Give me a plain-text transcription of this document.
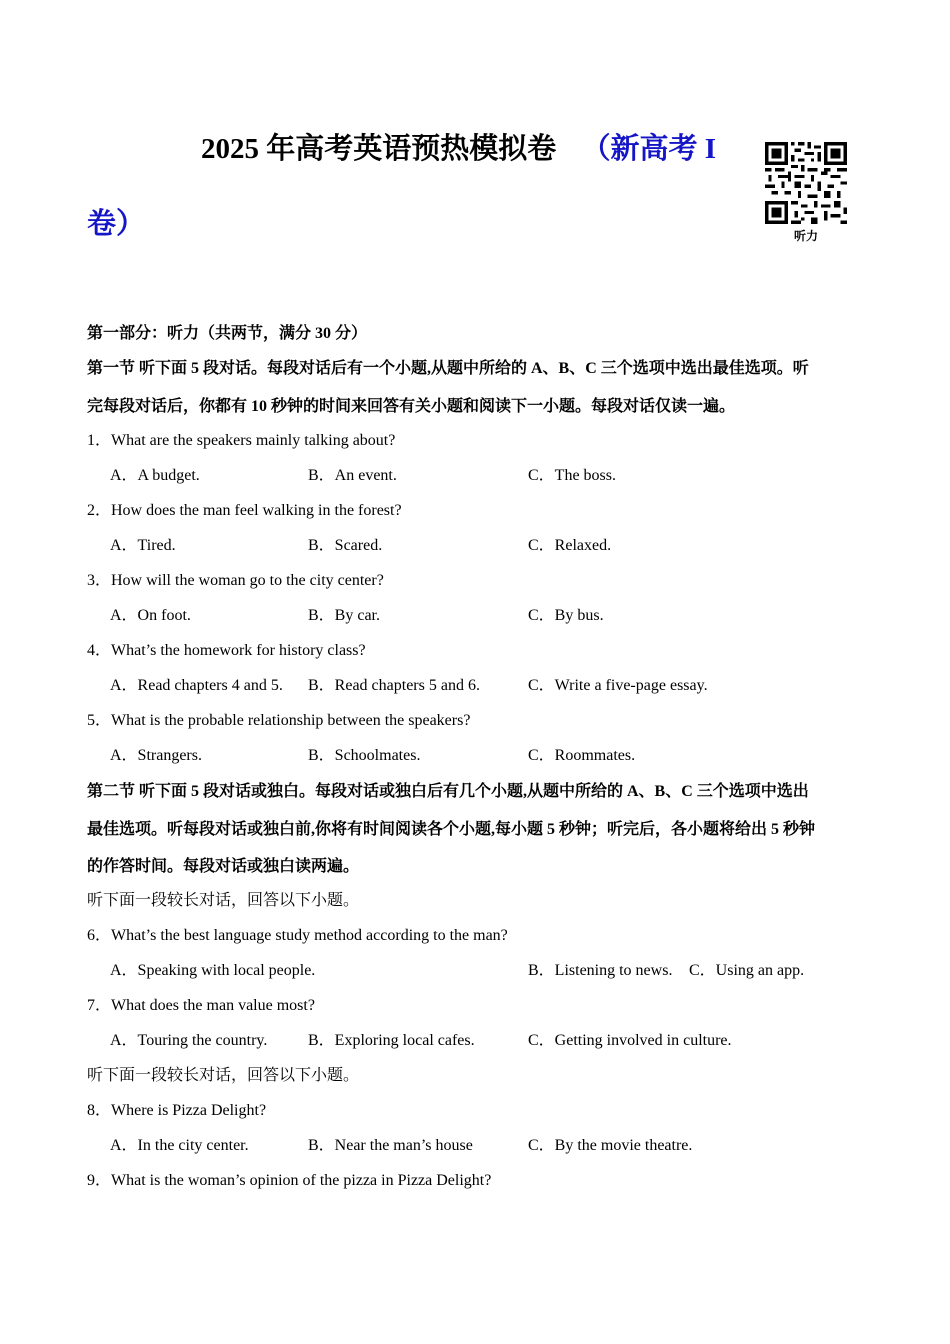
2025 年高考英语预热模拟卷 （新高考 I
卷）	听力
第一部分：听力（共两节，满分 30 分）
第一节 听下面 5 段对话。每段对话后有一个小题,从题中所给的 A、B、C 三个选项中选出最佳选项。听
完每段对话后，你都有 10 秒钟的时间来回答有关小题和阅读下一小题。每段对话仅读一遍。
1．What are the speakers mainly talking about?
A．A budget.	B．An event.	C．The boss.
2．How does the man feel walking in the forest?
A．Tired.	B．Scared.	C．Relaxed.
3．How will the woman go to the city center?
A．On foot.	B．By car.	C．By bus.
4．What’s the homework for history class?
A．Read chapters 4 and 5. B．Read chapters 5 and 6.	C．Write a five-page essay.
5．What is the probable relationship between the speakers?
A．Strangers.	B．Schoolmates.	C．Roommates.
第二节 听下面 5 段对话或独白。每段对话或独白后有几个小题,从题中所给的 A、B、C 三个选项中选出
最佳选项。听每段对话或独白前,你将有时间阅读各个小题,每小题 5 秒钟；听完后，各小题将给出 5 秒钟
的作答时间。每段对话或独白读两遍。
听下面一段较长对话，回答以下小题。
6．What’s the best language study method according to the man?
A．Speaking with local people.	B．Listening to news. C．Using an app.
7．What does the man value most?
A．Touring the country.	B．Exploring local cafes.	C．Getting involved in culture.
听下面一段较长对话，回答以下小题。
8．Where is Pizza Delight?
A．In the city center.	B．Near the man’s house	C．By the movie theatre.
9．What is the woman’s opinion of the pizza in Pizza Delight?
